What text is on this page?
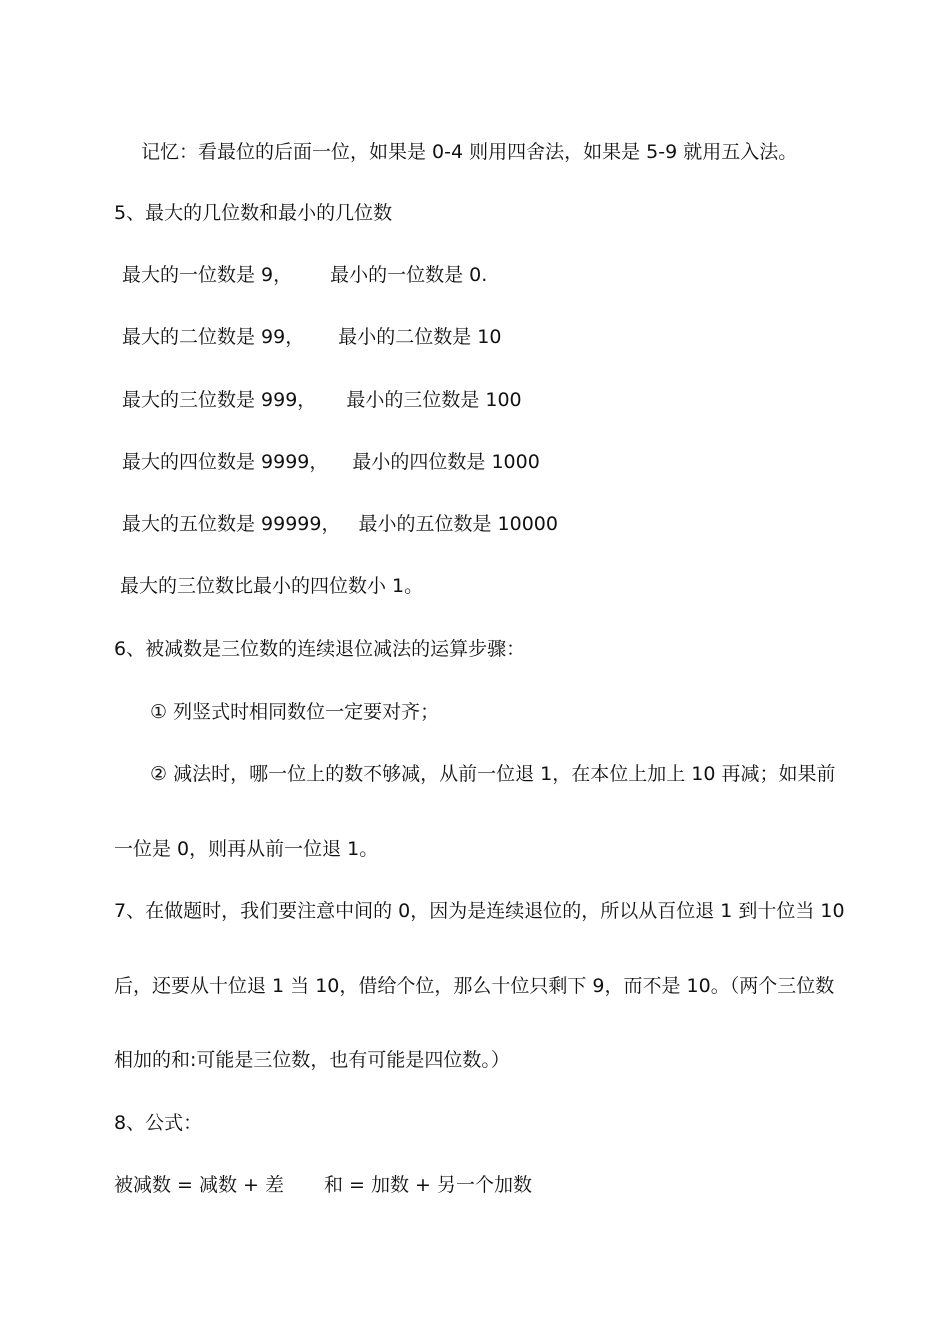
记忆：看最位的后面一位，如果是 0-4 则用四舍法，如果是 5-9 就用五入法。
5、最大的几位数和最小的几位数
最大的一位数是 9， 最小的一位数是 0.
最大的二位数是 99， 最小的二位数是 10
最大的三位数是 999， 最小的三位数是 100
最大的四位数是 9999， 最小的四位数是 1000
最大的五位数是 99999， 最小的五位数是 10000
最大的三位数比最小的四位数小 1。
6、被减数是三位数的连续退位减法的运算步骤：
① 列竖式时相同数位一定要对齐；
② 减法时，哪一位上的数不够减，从前一位退 1，在本位上加上 10 再减；如果前
一位是 0，则再从前一位退 1。
7、在做题时，我们要注意中间的 0，因为是连续退位的，所以从百位退 1 到十位当 10
后，还要从十位退 1 当 10，借给个位，那么十位只剩下 9，而不是 10。（两个三位数
相加的和:可能是三位数，也有可能是四位数。）
8、公式：
被减数 = 减数 + 差 和 = 加数 + 另一个加数
